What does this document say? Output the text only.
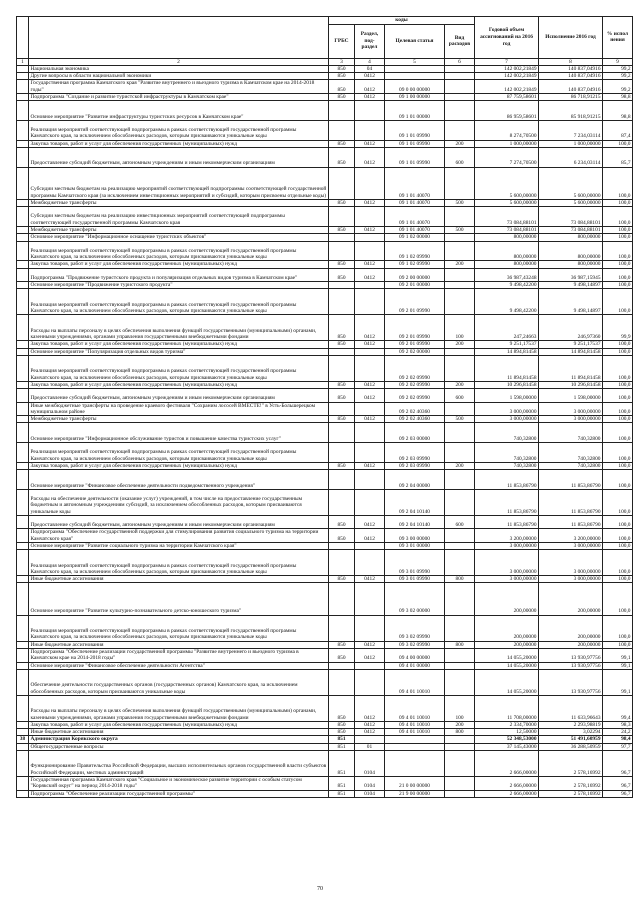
		коды				Годовой объем ассигнований на 2016 год	Исполнение 2016 год	% испол нения
		ГРБС	Раздел, под-раздел	Целевая статья	Вид расходов			
1	2	3	4	5	6	7	8	9
	Национальная экономика	850	04			142 002,21849	140 837,04916	99,2
	Другие вопросы в области национальной экономики	850	0412			142 002,21849	140 837,04916	99,2
	Государственная программа Камчатского края "Развитие внутреннего и въездного туризма в Камчатском крае на 2014-2018 годы"	850	0412	09 0 00 00000		142 002,21849	140 837,04916	99,2
	Подпрограмма "Создание и развитие туристской инфраструктуры в Камчатском крае"	850	0412	09 1 00 00000		87 759,58601	86 718,91215	98,8
	Основное мероприятие "Развитие инфраструктуры туристских ресурсов в Камчатском крае"			09 1 01 00000		86 959,58601	85 918,91215	98,8
	Реализация мероприятий соответствующей подпрограммы в рамках соответствующей государственной программы Камчатского края, за исключением обособленных расходов, которым присваиваются уникальные коды			09 1 01 09990		8 274,70500	7 234,03114	87,4
	Закупка товаров, работ и услуг для обеспечения государственных (муниципальных) нужд	850	0412	09 1 01 09990	200	1 000,00000	1 000,00000	100,0
	Предоставление субсидий бюджетным, автономным учреждениям и иным некоммерческим организациям	850	0412	09 1 01 09990	600	7 274,70500	6 234,03114	85,7
	Субсидии местным бюджетам на реализацию мероприятий соответствующей подпрограммы соответствующей государственной программы Камчатского края (за исключением инвестиционных мероприятий и субсидий, которым присвоены отдельные коды)			09 1 01 40070		5 600,00000	5 600,00000	100,0
	Межбюджетные трансферты	850	0412	09 1 01 40070	500	5 600,00000	5 600,00000	100,0
	Субсидии местным бюджетам на реализацию инвестиционных мероприятий соответствующей подпрограммы соответствующей государственной программы Камчатского края			09 1 01 40070		73 084,88101	73 084,88101	100,0
	Межбюджетные трансферты	850	0412	09 1 01 40070	500	73 084,88101	73 084,88101	100,0
	Основное мероприятие "Информационное оснащение туристских объектов"			09 1 02 00000		800,00000	800,00000	100,0
	Реализация мероприятий соответствующей подпрограммы в рамках соответствующей государственной программы Камчатского края, за исключением обособленных расходов, которым присваиваются уникальные коды			09 1 02 09990		800,00000	800,00000	100,0
	Закупка товаров, работ и услуг для обеспечения государственных (муниципальных) нужд	850	0412	09 1 02 09990	200	800,00000	800,00000	100,0
	Подпрограмма "Продвижение туристского продукта и популяризация отдельных видов туризма в Камчатском крае"	850	0412	09 2 00 00000		36 987,43248	36 987,15945	100,0
	Основное мероприятие "Продвижение туристского продукта"			09 2 01 00000		9 498,42200	9 498,14897	100,0
	Реализация мероприятий соответствующей подпрограммы в рамках соответствующей государственной программы Камчатского края, за исключением обособленных расходов, которым присваиваются уникальные коды			09 2 01 09990		9 498,42200	9 498,14897	100,0
	Расходы на выплаты персоналу в целях обеспечения выполнения функций государственными (муниципальными) органами, казенными учреждениями, органами управления государственными внебюджетными фондами	850	0412	09 2 01 09990	100	247,24663	246,97360	99,9
	Закупка товаров, работ и услуг для обеспечения государственных (муниципальных) нужд	850	0412	09 2 01 09990	200	9 251,17537	9 251,17537	100,0
	Основное мероприятие "Популяризация отдельных видов туризма"			09 2 02 00000		14 894,81458	14 894,81458	100,0
	Реализация мероприятий соответствующей подпрограммы в рамках соответствующей государственной программы Камчатского края, за исключением обособленных расходов, которым присваиваются уникальные коды			09 2 02 09990		11 894,81458	11 894,81458	100,0
	Закупка товаров, работ и услуг для обеспечения государственных (муниципальных) нужд	850	0412	09 2 02 09990	200	10 296,81458	10 296,81458	100,0
	Предоставление субсидий бюджетным, автономным учреждениям и иным некоммерческим организациям	850	0412	09 2 02 09990	600	1 598,00000	1 598,00000	100,0
	Иные межбюджетные трансферты на проведение краевого фестиваля "Сохраним лососей ВМЕСТЕ!" в Усть-Большерецком муниципальном районе			09 2 02 40360		3 000,00000	3 000,00000	100,0
	Межбюджетные трансферты	850	0412	09 2 02 40360	500	3 000,00000	3 000,00000	100,0
	Основное мероприятие "Информационное обслуживание туристов и повышение качества туристских услуг"			09 2 03 00000		740,32800	740,32800	100,0
	Реализация мероприятий соответствующей подпрограммы в рамках соответствующей государственной программы Камчатского края, за исключением обособленных расходов, которым присваиваются уникальные коды			09 2 03 09990		740,32800	740,32800	100,0
	Закупка товаров, работ и услуг для обеспечения государственных (муниципальных) нужд	850	0412	09 2 03 09990	200	740,32800	740,32800	100,0
	Основное мероприятие "Финансовое обеспечение деятельности подведомственного учреждения"			09 2 04 00000		11 853,86790	11 853,86790	100,0
	Расходы на обеспечение деятельности (оказание услуг) учреждений, в том числе на предоставление государственным бюджетным и автономным учреждениям субсидий, за исключением обособленных расходов, которым присваиваются уникальные коды			09 2 04 10140		11 853,86790	11 853,86790	100,0
	Предоставление субсидий бюджетным, автономным учреждениям и иным некоммерческим организациям	850	0412	09 2 04 10140	600	11 853,86790	11 853,86790	100,0
	Подпрограмма "Обеспечение государственной поддержки для стимулирования развития социального туризма на территории Камчатского края"	850	0412	09 3 00 00000		3 200,00000	3 200,00000	100,0
	Основное мероприятие "Развитие социального туризма на территории Камчатского края"			09 3 01 00000		3 000,00000	3 000,00000	100,0
	Реализация мероприятий соответствующей подпрограммы в рамках соответствующей государственной программы Камчатского края, за исключением обособленных расходов, которым присваиваются уникальные коды			09 3 01 09990		3 000,00000	3 000,00000	100,0
	Иные бюджетные ассигнования	850	0412	09 3 01 09990	800	3 000,00000	3 000,00000	100,0
	Основное мероприятие "Развитие культурно-познавательного детско-юношеского туризма"			09 3 02 00000		200,00000	200,00000	100,0
	Реализация мероприятий соответствующей подпрограммы в рамках соответствующей государственной программы Камчатского края, за исключением обособленных расходов, которым присваиваются уникальные коды			09 3 02 09990		200,00000	200,00000	100,0
	Иные бюджетные ассигнования	850	0412	09 3 02 09990	800	200,00000	200,00000	100,0
	Подпрограмма "Обеспечение реализации государственной программы "Развитие внутреннего и въездного туризма в Камчатском крае на 2014-2018 годы"	850	0412	09 4 00 00000		14 055,20000	13 930,97756	99,1
	Основное мероприятие "Финансовое обеспечение деятельности Агентства"			09 4 01 00000		14 055,20000	13 930,97756	99,1
	Обеспечение деятельности государственных органов (государственных органов) Камчатского края, за исключением обособленных расходов, которым присваиваются уникальные коды			09 4 01 10010		14 055,20000	13 930,97756	99,1
	Расходы на выплаты персоналу в целях обеспечения выполнения функций государственными (муниципальными) органами, казенными учреждениями, органами управления государственными внебюджетными фондами	850	0412	09 4 01 10010	100	11 708,00000	11 633,96643	99,4
	Закупка товаров, работ и услуг для обеспечения государственных (муниципальных) нужд	850	0412	09 4 01 10010	200	2 334,70000	2 293,98819	98,3
	Иные бюджетные ассигнования	850	0412	09 4 01 10010	800	12,50000	3,02294	24,2
38	Администрация Корякского округа	851				52 348,53000	51 491,60959	98,4
	Общегосударственные вопросы	851	01			37 145,43000	36 288,50959	97,7
	Функционирование Правительства Российской Федерации, высших исполнительных органов государственной власти субъектов Российской Федерации, местных администраций	851	0104			2 666,00000	2 578,16992	96,7
	Государственная программа Камчатского края "Социальное и экономическое развитие территории с особым статусом "Корякский округ" на период 2014-2018 годы"	851	0104	21 0 00 00000		2 666,00000	2 578,16992	96,7
	Подпрограмма "Обеспечение реализации государственной программы"	851	0104	21 9 00 00000		2 666,00000	2 578,16992	96,7
70
